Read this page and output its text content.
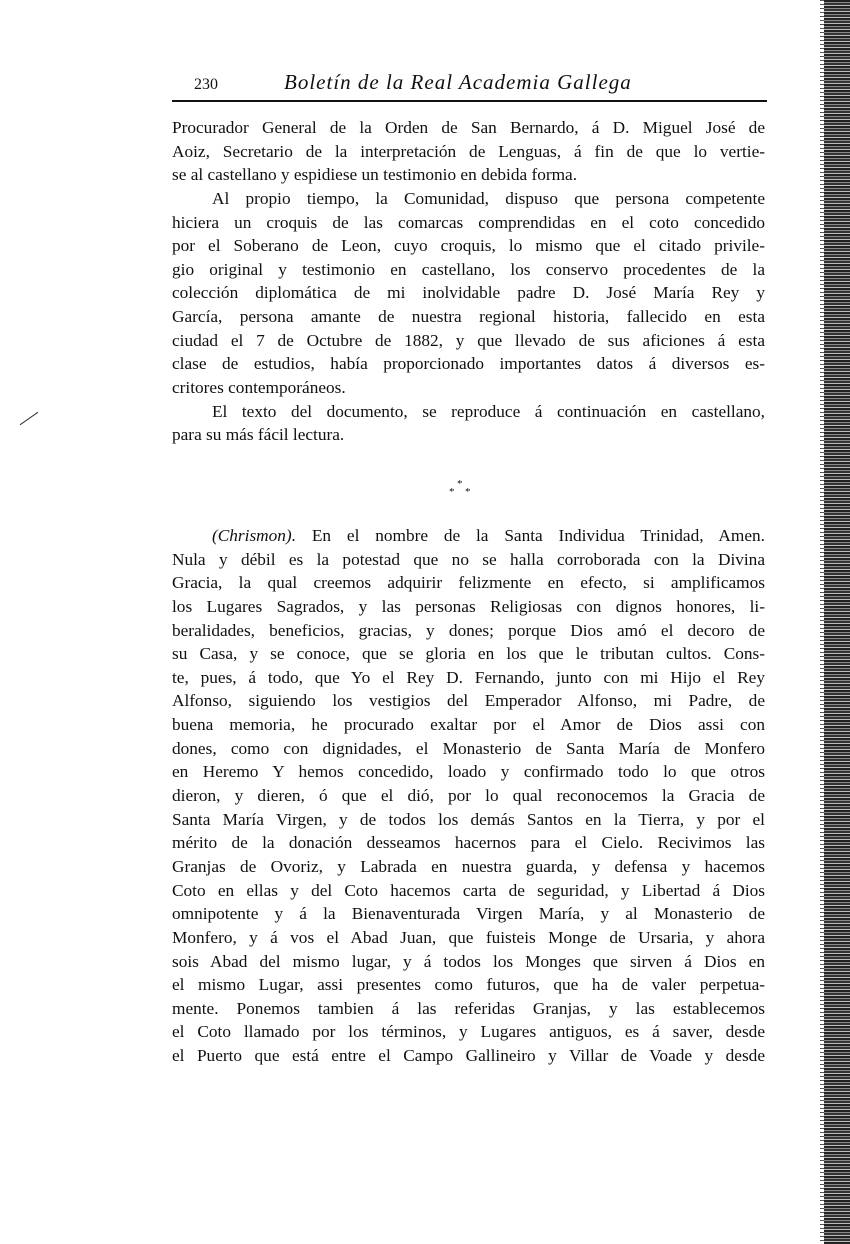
230	Boletín de la Real Academia Gallega
Procurador General de la Orden de San Bernardo, á D. Miguel José de
Aoiz, Secretario de la interpretación de Lenguas, á fin de que lo vertie-
se al castellano y espidiese un testimonio en debida forma.
Al propio tiempo, la Comunidad, dispuso que persona competente
hiciera un croquis de las comarcas comprendidas en el coto concedido
por el Soberano de Leon, cuyo croquis, lo mismo que el citado privile-
gio original y testimonio en castellano, los conservo procedentes de la
colección diplomática de mi inolvidable padre D. José María Rey y
García, persona amante de nuestra regional historia, fallecido en esta
ciudad el 7 de Octubre de 1882, y que llevado de sus aficiones á esta
clase de estudios, había proporcionado importantes datos á diversos es-
critores contemporáneos.
El texto del documento, se reproduce á continuación en castellano,
para su más fácil lectura.
*
* *
(Chrismon). En el nombre de la Santa Individua Trinidad, Amen.
Nula y débil es la potestad que no se halla corroborada con la Divina
Gracia, la qual creemos adquirir felizmente en efecto, si amplificamos
los Lugares Sagrados, y las personas Religiosas con dignos honores, li-
beralidades, beneficios, gracias, y dones; porque Dios amó el decoro de
su Casa, y se conoce, que se gloria en los que le tributan cultos. Cons-
te, pues, á todo, que Yo el Rey D. Fernando, junto con mi Hijo el Rey
Alfonso, siguiendo los vestigios del Emperador Alfonso, mi Padre, de
buena memoria, he procurado exaltar por el Amor de Dios assi con
dones, como con dignidades, el Monasterio de Santa María de Monfero
en Heremo Y hemos concedido, loado y confirmado todo lo que otros
dieron, y dieren, ó que el dió, por lo qual reconocemos la Gracia de
Santa María Virgen, y de todos los demás Santos en la Tierra, y por el
mérito de la donación desseamos hacernos para el Cielo. Recivimos las
Granjas de Ovoriz, y Labrada en nuestra guarda, y defensa y hacemos
Coto en ellas y del Coto hacemos carta de seguridad, y Libertad á Dios
omnipotente y á la Bienaventurada Virgen María, y al Monasterio de
Monfero, y á vos el Abad Juan, que fuisteis Monge de Ursaria, y ahora
sois Abad del mismo lugar, y á todos los Monges que sirven á Dios en
el mismo Lugar, assi presentes como futuros, que ha de valer perpetua-
mente. Ponemos tambien á las referidas Granjas, y las establecemos
el Coto llamado por los términos, y Lugares antiguos, es á saver, desde
el Puerto que está entre el Campo Gallineiro y Villar de Voade y desde
